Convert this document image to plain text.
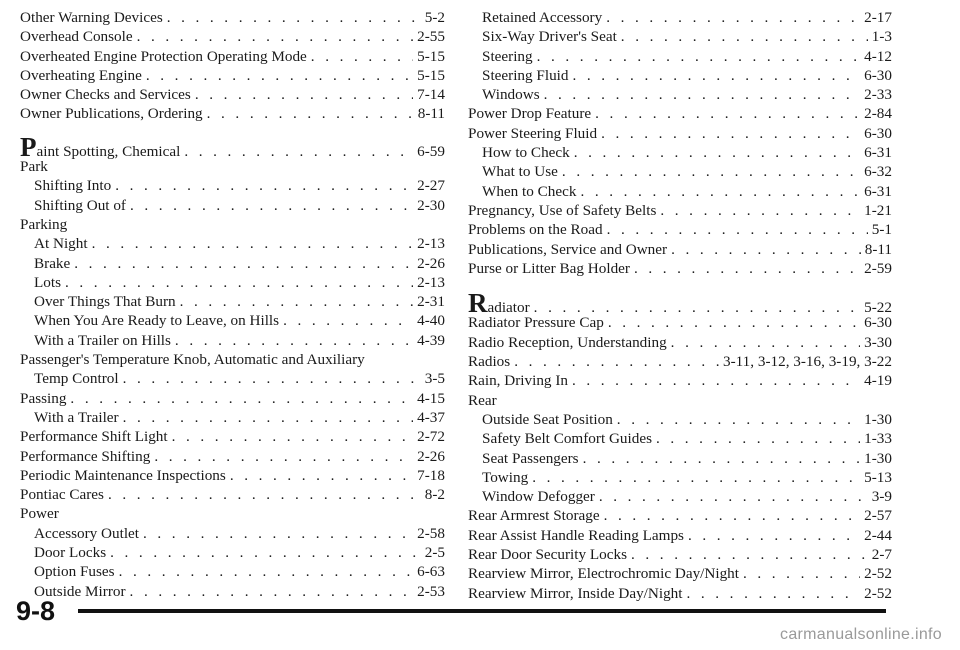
Other Warning Devices . . .	5-2
Overhead Console . . .	2-55
Overheated Engine Protection Operating Mode . . .	5-15
Overheating Engine . . .	5-15
Owner Checks and Services . . .	7-14
Owner Publications, Ordering . . .	8-11
Paint Spotting, Chemical . . .	6-59
Park
Shifting Into . . .	2-27
Shifting Out of . . .	2-30
Parking
At Night . . .	2-13
Brake . . .	2-26
Lots . . .	2-13
Over Things That Burn . . .	2-31
When You Are Ready to Leave, on Hills . . .	4-40
With a Trailer on Hills . . .	4-39
Passenger's Temperature Knob, Automatic and Auxiliary
Temp Control . . .	3-5
Passing . . .	4-15
With a Trailer . . .	4-37
Performance Shift Light . . .	2-72
Performance Shifting . . .	2-26
Periodic Maintenance Inspections . . .	7-18
Pontiac Cares . . .	8-2
Power
Accessory Outlet . . .	2-58
Door Locks . . .	2-5
Option Fuses . . .	6-63
Outside Mirror . . .	2-53
Retained Accessory . . .	2-17
Six-Way Driver's Seat . . .	1-3
Steering . . .	4-12
Steering Fluid . . .	6-30
Windows . . .	2-33
Power Drop Feature . . .	2-84
Power Steering Fluid . . .	6-30
How to Check . . .	6-31
What to Use . . .	6-32
When to Check . . .	6-31
Pregnancy, Use of Safety Belts . . .	1-21
Problems on the Road . . .	5-1
Publications, Service and Owner . . .	8-11
Purse or Litter Bag Holder . . .	2-59
Radiator . . .	5-22
Radiator Pressure Cap . . .	6-30
Radio Reception, Understanding . . .	3-30
Radios . . .	3-11, 3-12, 3-16, 3-19, 3-22
Rain, Driving In . . .	4-19
Rear
Outside Seat Position . . .	1-30
Safety Belt Comfort Guides . . .	1-33
Seat Passengers . . .	1-30
Towing . . .	5-13
Window Defogger . . .	3-9
Rear Armrest Storage . . .	2-57
Rear Assist Handle Reading Lamps . . .	2-44
Rear Door Security Locks . . .	2-7
Rearview Mirror, Electrochromic Day/Night . . .	2-52
Rearview Mirror, Inside Day/Night . . .	2-52
9-8
carmanualsonline.info
